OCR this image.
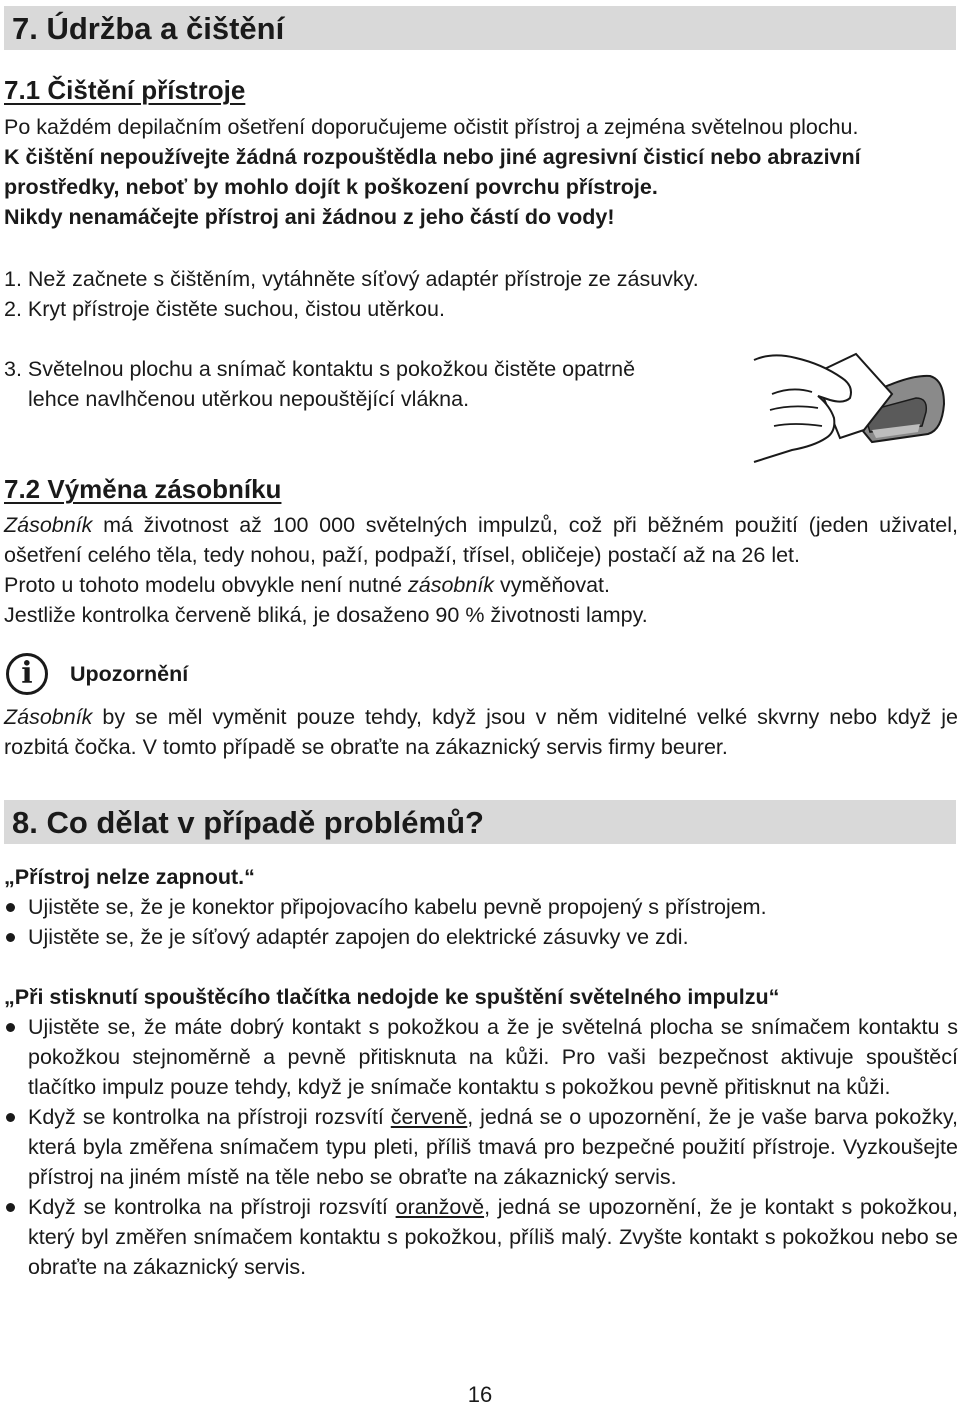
7. Údržba a čištění
7.1 Čištění přístroje

Po každém depilačním ošetření doporučujeme očistit přístroj a zejména světelnou plochu.

K čištění nepoužívejte žádná rozpouštědla nebo jiné agresivní čisticí nebo abrazivní

prostředky, neboť by mohlo dojít k poškození povrchu přístroje.

Nikdy nenamáčejte přístroj ani žádnou z jeho částí do vody!

1. Než začnete s čištěním, vytáhněte síťový adaptér přístroje ze zásuvky.

2. Kryt přístroje čistěte suchou, čistou utěrkou.

3. Světelnou plochu a snímač kontaktu s pokožkou čistěte opatrně

lehce navlhčenou utěrkou nepouštějící vlákna.

7.2 Výměna zásobníku

Zásobník má životnost až 100 000 světelných impulzů, což při běžném použití (jeden uživatel, ošetření celého těla, tedy nohou, paží, podpaží, třísel, obličeje) postačí až na 26 let.

Proto u tohoto modelu obvykle není nutné zásobník vyměňovat.

Jestliže kontrolka červeně bliká, je dosaženo 90 % životnosti lampy.

i	Upozornění

Zásobník by se měl vyměnit pouze tehdy, když jsou v něm viditelné velké skvrny nebo když je rozbitá čočka. V tomto případě se obraťte na zákaznický servis firmy beurer.

8. Co dělat v případě problémů?

„Přístroj nelze zapnout.“

Ujistěte se, že je konektor připojovacího kabelu pevně propojený s přístrojem.
Ujistěte se, že je síťový adaptér zapojen do elektrické zásuvky ve zdi.

„Při stisknutí spouštěcího tlačítka nedojde ke spuštění světelného impulzu“

Ujistěte se, že máte dobrý kontakt s pokožkou a že je světelná plocha se snímačem kontaktu s pokožkou stejnoměrně a pevně přitisknuta na kůži. Pro vaši bezpečnost aktivuje spouštěcí tlačítko impulz pouze tehdy, když je snímače kontaktu s pokožkou pevně přitisknut na kůži.
Když se kontrolka na přístroji rozsvítí červeně, jedná se o upozornění, že je vaše barva pokožky, která byla změřena snímačem typu pleti, příliš tmavá pro bezpečné použití přístroje. Vyzkoušejte přístroj na jiném místě na těle nebo se obraťte na zákaznický servis.
Když se kontrolka na přístroji rozsvítí oranžově, jedná se upozornění, že je kontakt s pokožkou, který byl změřen snímačem kontaktu s pokožkou, příliš malý. Zvyšte kontakt s pokožkou nebo se obraťte na zákaznický servis.
16
